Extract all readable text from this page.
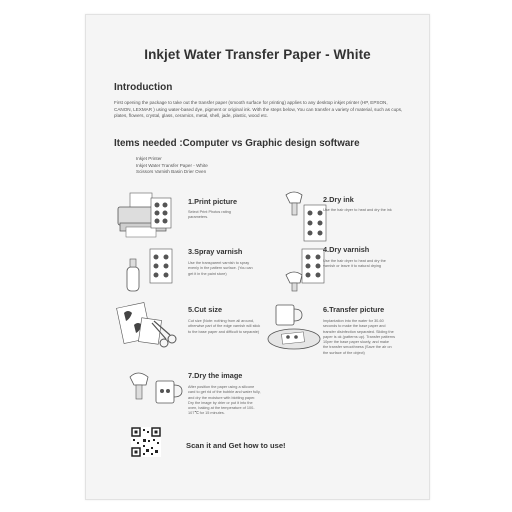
Inkjet Water Transfer Paper - White
Introduction
First opening the package to take out the transfer paper (smooth surface for printing) applies to any desktop inkjet printer (HP, EPSON, CANON, LEXMAR ) using water-based dye, pigment or original ink. With the steps below, You can transfer a variety of material, such as cups, plates, flowers, crystal, glass, ceramics, metal, shell, jade, plastic, wood etc.
Items needed :Computer vs Graphic design software
Inkjet Printer
Inkjet Water Transfer Paper - White
Scissors Varnish Basin Drier Oven
1.Print picture
Select Print Photos rating parameters.
2.Dry ink
Use the hair dryer to heat and dry the ink
3.Spray varnish
Use the transparent varnish to spray evenly in the pattern surface. (You can get it in the paint store)
4.Dry varnish
Use the hair dryer to heat and dry the varnish or leave it to natural drying
5.Cut size
Cut size (Note: nothing from all around, otherwise part of the edge varnish will stick to the base paper and difficult to separate)
6.Transfer picture
Implantation into the water for 30-60 seconds to make the base paper and transfer disinfection separated. Sliding the paper is ok (patterns up). Transfer patterns 10per the base paper slowly, and make the transfer smoothness (Save the air on the surface of the object)
7.Dry the image
After position the paper using a silicone card to get rid of the bubble and water fully, and dry the moisture with blotting paper. Dry the image by drier or put it into the oven, baking at the temperature of 100-107℃ for 15 minutes.
Scan it and Get how to use!
